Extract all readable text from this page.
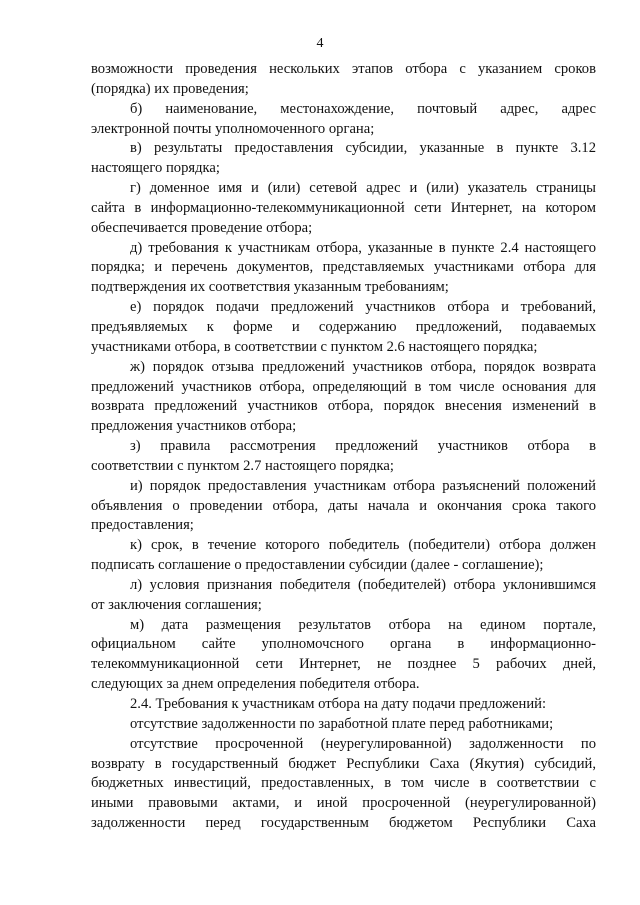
4
возможности проведения нескольких этапов отбора с указанием сроков
(порядка) их проведения;
б) наименование, местонахождение, почтовый адрес, адрес
электронной почты уполномоченного органа;
в) результаты предоставления субсидии, указанные в пункте 3.12
настоящего порядка;
г) доменное имя и (или) сетевой адрес и (или) указатель страницы
сайта в информационно-телекоммуникационной сети Интернет, на котором
обеспечивается проведение отбора;
д) требования к участникам отбора, указанные в пункте 2.4 настоящего
порядка; и перечень документов, представляемых участниками отбора для
подтверждения их соответствия указанным требованиям;
е) порядок подачи предложений участников отбора и требований,
предъявляемых к форме и содержанию предложений, подаваемых
участниками отбора, в соответствии с пунктом 2.6 настоящего порядка;
ж) порядок отзыва предложений участников отбора, порядок возврата
предложений участников отбора, определяющий в том числе основания для
возврата предложений участников отбора, порядок внесения изменений в
предложения участников отбора;
з) правила рассмотрения предложений участников отбора в
соответствии с пунктом 2.7 настоящего порядка;
и) порядок предоставления участникам отбора разъяснений положений
объявления о проведении отбора, даты начала и окончания срока такого
предоставления;
к) срок, в течение которого победитель (победители) отбора должен
подписать соглашение о предоставлении субсидии (далее - соглашение);
л) условия признания победителя (победителей) отбора уклонившимся
от заключения соглашения;
м) дата размещения результатов отбора на едином портале,
официальном сайте уполномочсного органа в информационно-
телекоммуникационной сети Интернет, не позднее 5 рабочих дней,
следующих за днем определения победителя отбора.
2.4. Требования к участникам отбора на дату подачи предложений:
отсутствие задолженности по заработной плате перед работниками;
отсутствие просроченной (неурегулированной) задолженности по
возврату в государственный бюджет Республики Саха (Якутия) субсидий,
бюджетных инвестиций, предоставленных, в том числе в соответствии с
иными правовыми актами, и иной просроченной (неурегулированной)
задолженности перед государственным бюджетом Республики Саха
